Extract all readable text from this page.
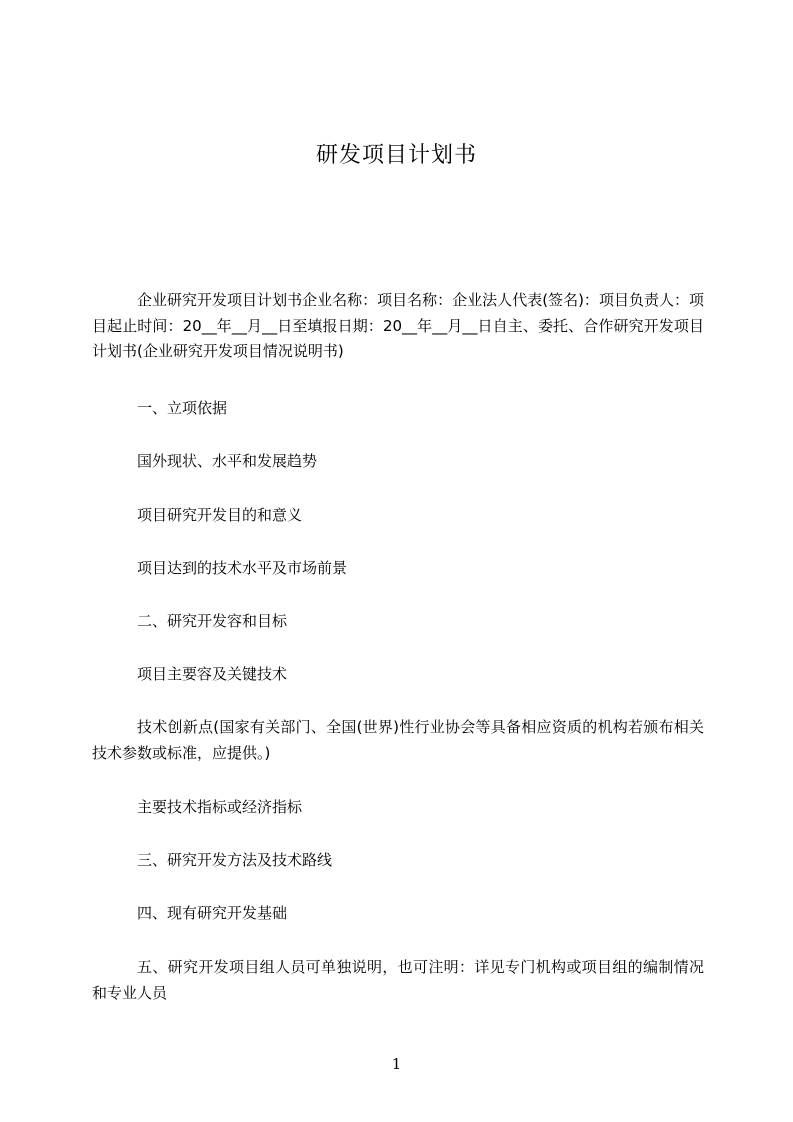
研发项目计划书
企业研究开发项目计划书企业名称：项目名称：企业法人代表(签名)：项目负责人：项目起止时间：20__年__月__日至填报日期：20__年__月__日自主、委托、合作研究开发项目计划书(企业研究开发项目情况说明书)
一、立项依据
国外现状、水平和发展趋势
项目研究开发目的和意义
项目达到的技术水平及市场前景
二、研究开发容和目标
项目主要容及关键技术
技术创新点(国家有关部门、全国(世界)性行业协会等具备相应资质的机构若颁布相关技术参数或标准，应提供。)
主要技术指标或经济指标
三、研究开发方法及技术路线
四、现有研究开发基础
五、研究开发项目组人员可单独说明，也可注明：详见专门机构或项目组的编制情况和专业人员
1
